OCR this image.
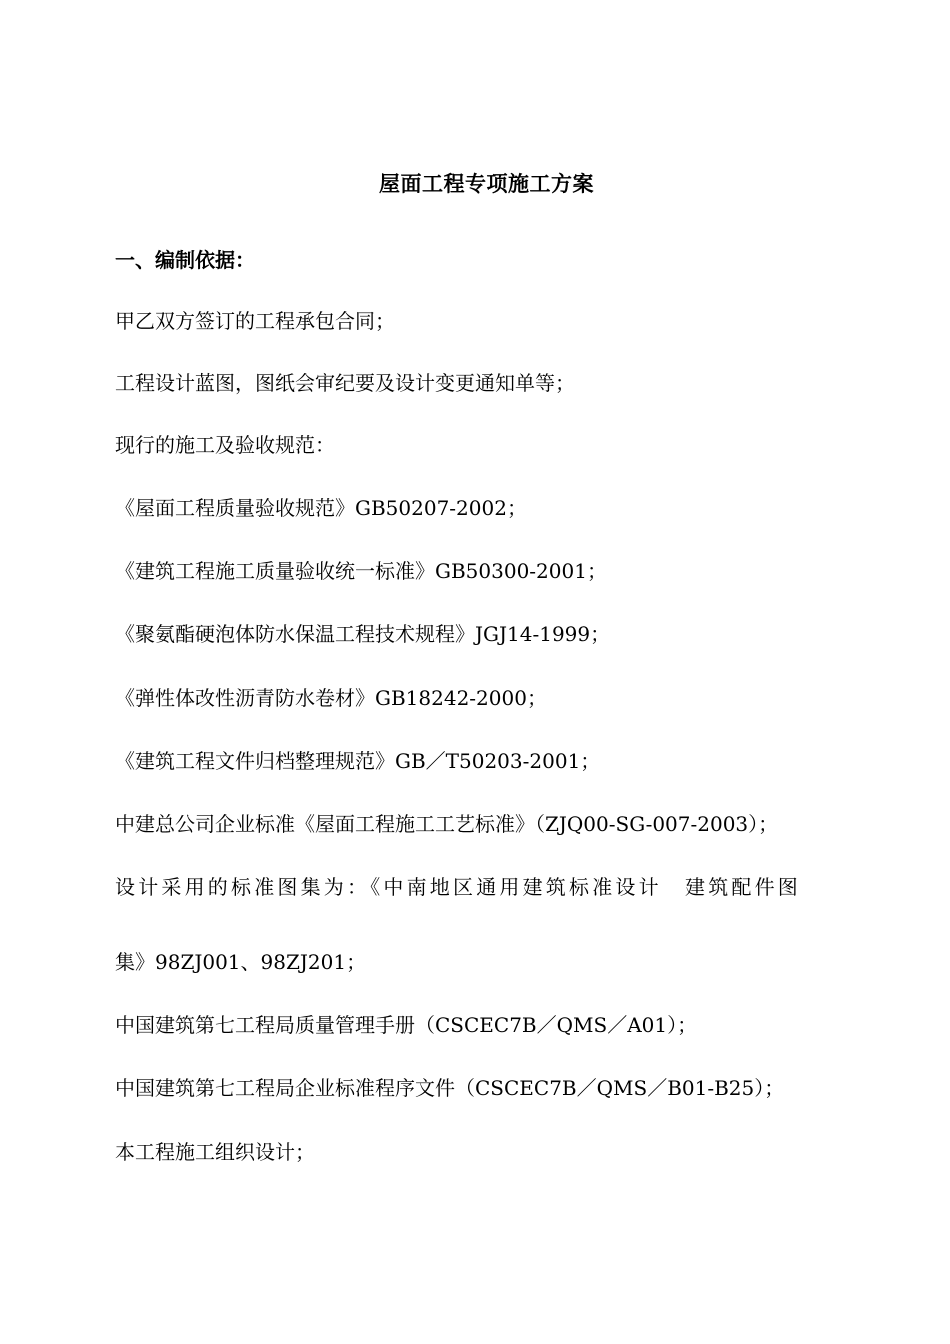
屋面工程专项施工方案
一、编制依据：
甲乙双方签订的工程承包合同；
工程设计蓝图，图纸会审纪要及设计变更通知单等；
现行的施工及验收规范：
《屋面工程质量验收规范》GB50207-2002；
《建筑工程施工质量验收统一标准》GB50300-2001；
《聚氨酯硬泡体防水保温工程技术规程》JGJ14-1999；
《弹性体改性沥青防水卷材》GB18242-2000；
《建筑工程文件归档整理规范》GB／T50203-2001；
中建总公司企业标准《屋面工程施工工艺标准》（ZJQ00-SG-007-2003）；
设计采用的标准图集为：《中南地区通用建筑标准设计　建筑配件图
集》98ZJ001、98ZJ201；
中国建筑第七工程局质量管理手册（CSCEC7B／QMS／A01）；
中国建筑第七工程局企业标准程序文件（CSCEC7B／QMS／B01-B25）；
本工程施工组织设计；
